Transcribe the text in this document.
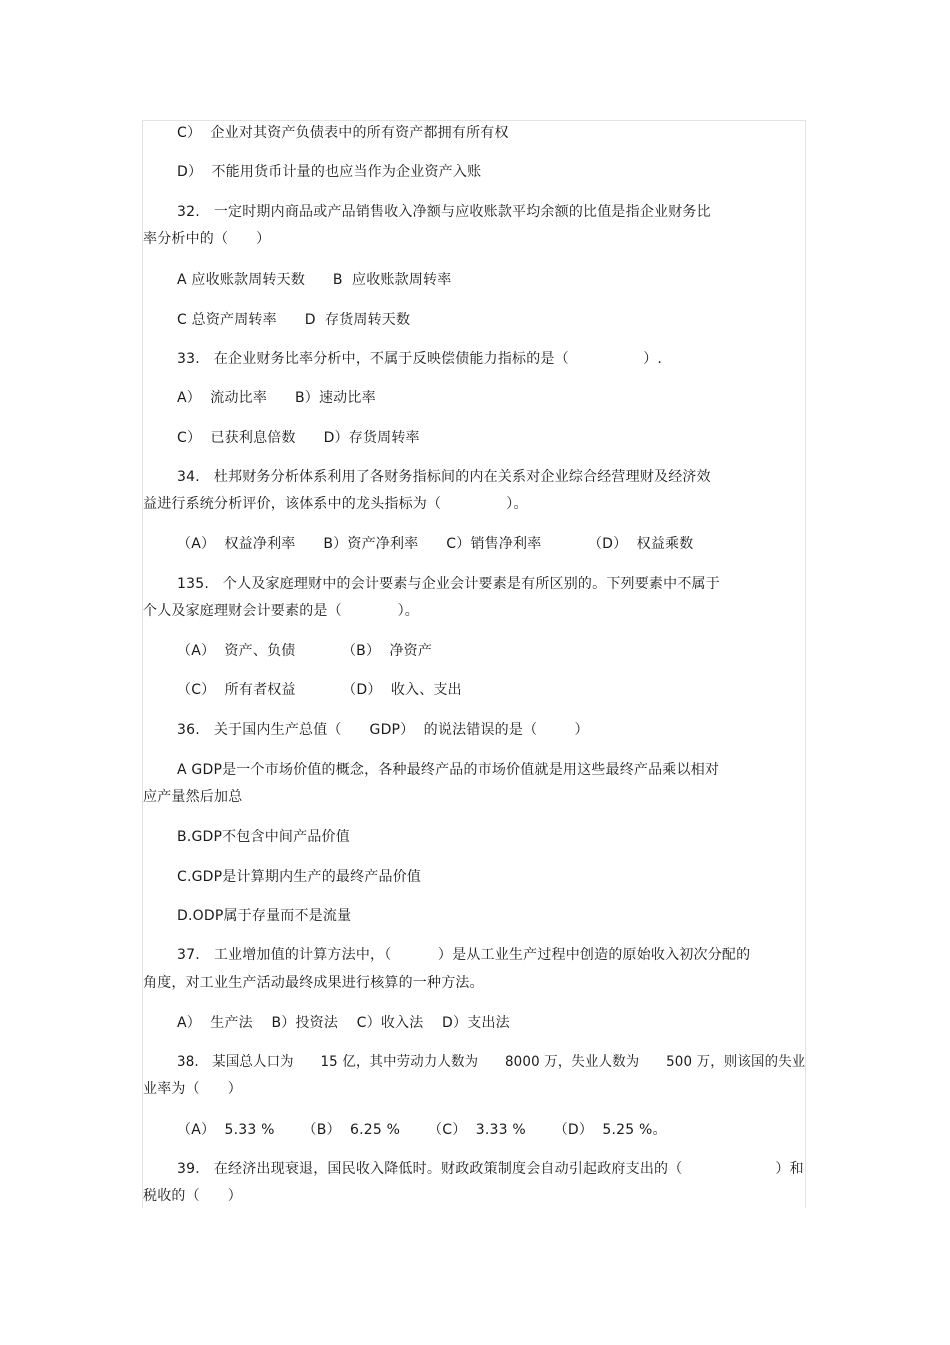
C）  企业对其资产负债表中的所有资产都拥有所有权
D）  不能用货币计量的也应当作为企业资产入账
32.   一定时期内商品或产品销售收入净额与应收账款平均余额的比值是指企业财务比
率分析中的（      ）
A 应收账款周转天数      B  应收账款周转率
C 总资产周转率      D  存货周转天数
33.   在企业财务比率分析中，不属于反映偿债能力指标的是（                ）.
A）  流动比率      B）速动比率
C）  已获利息倍数      D）存货周转率
34.   杜邦财务分析体系利用了各财务指标间的内在关系对企业综合经营理财及经济效
益进行系统分析评价，该体系中的龙头指标为（              ）。
（A）  权益净利率      B）资产净利率      C）销售净利率          （D）  权益乘数
135.   个人及家庭理财中的会计要素与企业会计要素是有所区别的。下列要素中不属于
个人及家庭理财会计要素的是（            ）。
（A）  资产、负债          （B）  净资产
（C）  所有者权益          （D）  收入、支出
36.   关于国内生产总值（      GDP）  的说法错误的是（        ）
A GDP是一个市场价值的概念，各种最终产品的市场价值就是用这些最终产品乘以相对
应产量然后加总
B.GDP不包含中间产品价值
C.GDP是计算期内生产的最终产品价值
D.ODP属于存量而不是流量
37.   工业增加值的计算方法中，（          ）是从工业生产过程中创造的原始收入初次分配的
角度，对工业生产活动最终成果进行核算的一种方法。
A）  生产法    B）投资法    C）收入法    D）支出法
38.   某国总人口为      15 亿，其中劳动力人数为      8000 万，失业人数为      500 万，则该国的失业
业率为（      ）
（A）  5.33 %      （B）  6.25 %      （C）  3.33 %      （D）  5.25 %。
39.   在经济出现衰退，国民收入降低时。财政政策制度会自动引起政府支出的（                    ）和
税收的（      ）
